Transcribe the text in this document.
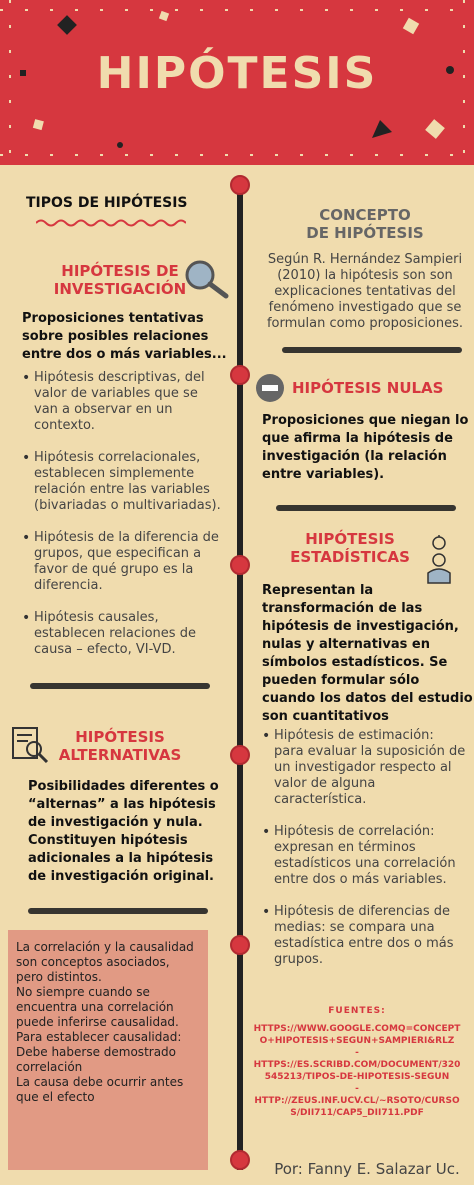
HIPÓTESIS
TIPOS DE HIPÓTESIS
HIPÓTESIS DE
INVESTIGACIÓN
Proposiciones tentativas sobre posibles relaciones entre dos o más variables...
• Hipótesis descriptivas, del valor de variables que se van a observar en un contexto.
• Hipótesis correlacionales, establecen simplemente relación entre las variables (bivariadas o multivariadas).
• Hipótesis de la diferencia de grupos, que especifican a favor de qué grupo es la diferencia.
• Hipótesis causales, establecen relaciones de causa – efecto, VI-VD.
HIPÓTESIS
ALTERNATIVAS
Posibilidades diferentes o “alternas” a las hipótesis de investigación y nula. Constituyen hipótesis adicionales a la hipótesis de investigación original.

La correlación y la causalidad son conceptos asociados, pero distintos.

No siempre cuando se encuentra una correlación puede inferirse causalidad.

Para establecer causalidad:

Debe haberse demostrado correlación

La causa debe ocurrir antes que el efecto

CONCEPTO
DE HIPÓTESIS
Según R. Hernández Sampieri (2010) la hipótesis son son explicaciones tentativas del fenómeno investigado que se formulan como proposiciones.
HIPÓTESIS NULAS
Proposiciones que niegan lo que afirma la hipótesis de investigación (la relación entre variables).
HIPÓTESIS
ESTADÍSTICAS
Representan la transformación de las hipótesis de investigación, nulas y alternativas en símbolos estadísticos. Se pueden formular sólo cuando los datos del estudio son cuantitativos
• Hipótesis de estimación: para evaluar la suposición de un investigador respecto al valor de alguna característica.
• Hipótesis de correlación: expresan en términos estadísticos una correlación entre dos o más variables.
• Hipótesis de diferencias de medias: se compara una estadística entre dos o más grupos.
FUENTES:
HTTPS://WWW.GOOGLE.COMQ=CONCEPTO+HIPOTESIS+SEGUN+SAMPIERI&RLZ
-
HTTPS://ES.SCRIBD.COM/DOCUMENT/320545213/TIPOS-DE-HIPOTESIS-SEGUN
-
HTTP://ZEUS.INF.UCV.CL/~RSOTO/CURSOS/DII711/CAP5_DII711.PDF
Por: Fanny E. Salazar Uc.
